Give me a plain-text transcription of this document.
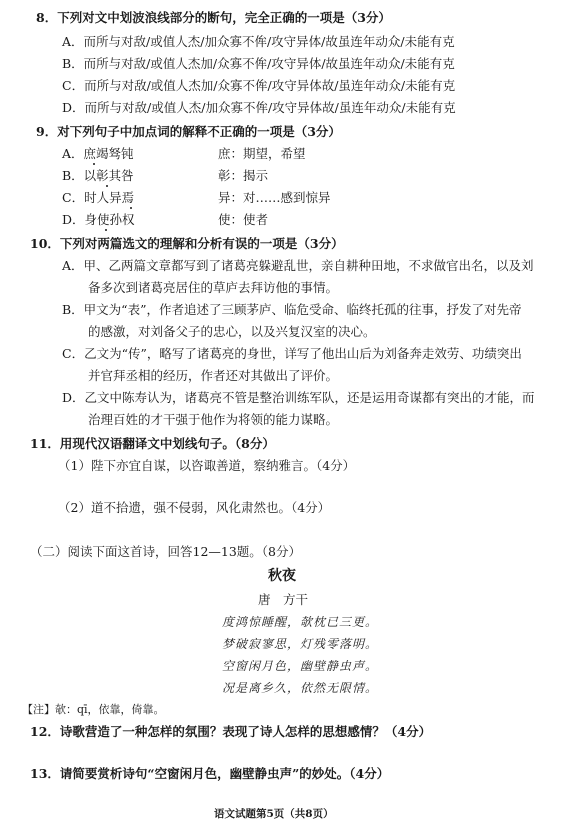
8．下列对文中划波浪线部分的断句，完全正确的一项是（3分）
A．而所与对敌/或值人杰/加众寡不侔/攻守异体/故虽连年动众/未能有克
B．而所与对敌/或值人杰加/众寡不侔/攻守异体/故虽连年动众/未能有克
C．而所与对敌/或值人杰加/众寡不侔/攻守异体故/虽连年动众/未能有克
D．而所与对敌/或值人杰/加众寡不侔/攻守异体故/虽连年动众/未能有克
9．对下列句子中加点词的解释不正确的一项是（3分）
A．庶竭驽钝	庶：期望，希望
B．以彰其咎	彰：揭示
C．时人异焉	异：对……感到惊异
D．身使孙权	使：使者
10．下列对两篇选文的理解和分析有误的一项是（3分）
A．甲、乙两篇文章都写到了诸葛亮躲避乱世，亲自耕种田地，不求做官出名，以及刘
备多次到诸葛亮居住的草庐去拜访他的事情。
B．甲文为“表”，作者追述了三顾茅庐、临危受命、临终托孤的往事，抒发了对先帝
的感激，对刘备父子的忠心，以及兴复汉室的决心。
C．乙文为“传”，略写了诸葛亮的身世，详写了他出山后为刘备奔走效劳、功绩突出
并官拜丞相的经历，作者还对其做出了评价。
D．乙文中陈寿认为，诸葛亮不管是整治训练军队，还是运用奇谋都有突出的才能，而
治理百姓的才干强于他作为将领的能力谋略。
11．用现代汉语翻译文中划线句子。（8分）
（1）陛下亦宜自谋，以咨诹善道，察纳雅言。（4分）
（2）道不拾遗，强不侵弱，风化肃然也。（4分）
（二）阅读下面这首诗，回答12—13题。（8分）
秋夜
唐　方干
度鸿惊睡醒，欹枕已三更。
梦破寂寥思，灯残零落明。
空窗闲月色，幽壁静虫声。
况是离乡久，依然无限情。
【注】欹：qī，依靠，倚靠。
12．诗歌营造了一种怎样的氛围？表现了诗人怎样的思想感情？（4分）
13．请简要赏析诗句“空窗闲月色，幽壁静虫声”的妙处。（4分）
语文试题第5页（共8页）
